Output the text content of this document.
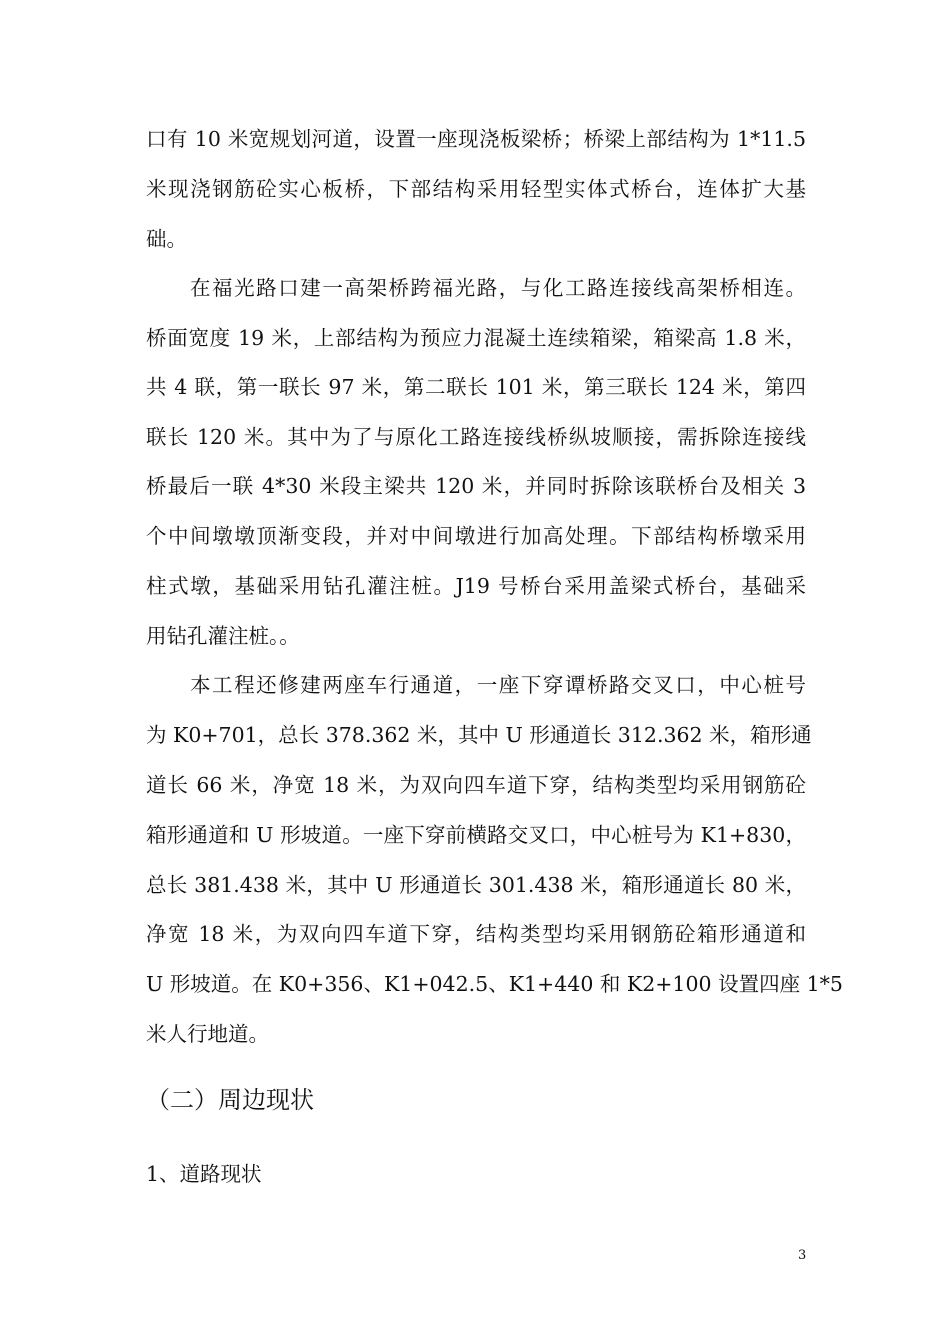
口有 10 米宽规划河道，设置一座现浇板梁桥；桥梁上部结构为 1*11.5
米现浇钢筋砼实心板桥，下部结构采用轻型实体式桥台，连体扩大基
础。
在福光路口建一高架桥跨福光路，与化工路连接线高架桥相连。
桥面宽度 19 米，上部结构为预应力混凝土连续箱梁，箱梁高 1.8 米，
共 4 联，第一联长 97 米，第二联长 101 米，第三联长 124 米，第四
联长 120 米。其中为了与原化工路连接线桥纵坡顺接，需拆除连接线
桥最后一联 4*30 米段主梁共 120 米，并同时拆除该联桥台及相关 3
个中间墩墩顶渐变段，并对中间墩进行加高处理。下部结构桥墩采用
柱式墩，基础采用钻孔灌注桩。J19 号桥台采用盖梁式桥台，基础采
用钻孔灌注桩。。
本工程还修建两座车行通道，一座下穿谭桥路交叉口，中心桩号
为 K0+701，总长 378.362 米，其中 U 形通道长 312.362 米，箱形通
道长 66 米，净宽 18 米，为双向四车道下穿，结构类型均采用钢筋砼
箱形通道和 U 形坡道。一座下穿前横路交叉口，中心桩号为 K1+830，
总长 381.438 米，其中 U 形通道长 301.438 米，箱形通道长 80 米，
净宽 18 米，为双向四车道下穿，结构类型均采用钢筋砼箱形通道和
U 形坡道。在 K0+356、K1+042.5、K1+440 和 K2+100 设置四座 1*5
米人行地道。
（二）周边现状
1、道路现状
3
